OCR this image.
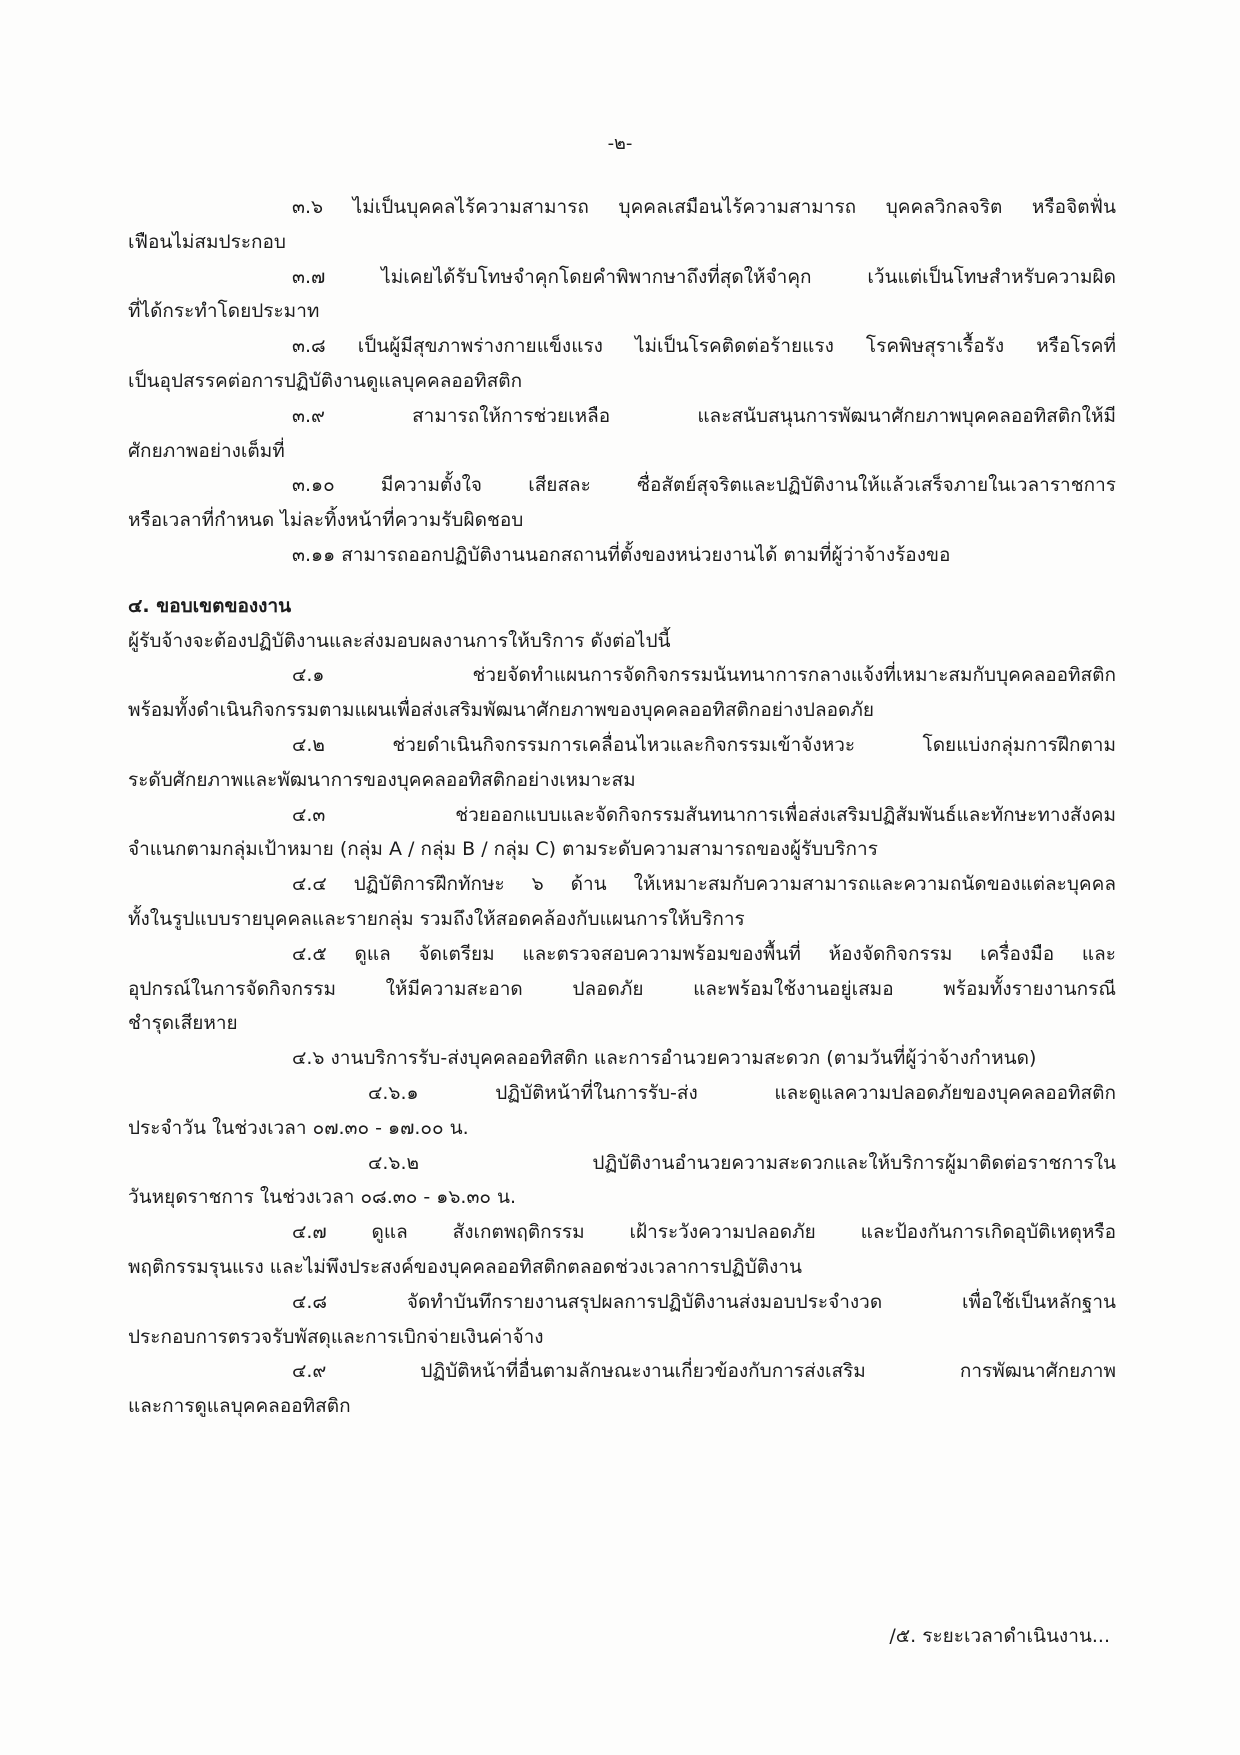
-๒-
๓.๖ ไม่เป็นบุคคลไร้ความสามารถ บุคคลเสมือนไร้ความสามารถ บุคคลวิกลจริต หรือจิตฟั่น
เฟือนไม่สมประกอบ
๓.๗ ไม่เคยได้รับโทษจำคุกโดยคำพิพากษาถึงที่สุดให้จำคุก เว้นแต่เป็นโทษสำหรับความผิด
ที่ได้กระทำโดยประมาท
๓.๘ เป็นผู้มีสุขภาพร่างกายแข็งแรง ไม่เป็นโรคติดต่อร้ายแรง โรคพิษสุราเรื้อรัง หรือโรคที่
เป็นอุปสรรคต่อการปฏิบัติงานดูแลบุคคลออทิสติก
๓.๙ สามารถให้การช่วยเหลือ และสนับสนุนการพัฒนาศักยภาพบุคคลออทิสติกให้มี
ศักยภาพอย่างเต็มที่
๓.๑๐ มีความตั้งใจ เสียสละ ซื่อสัตย์สุจริตและปฏิบัติงานให้แล้วเสร็จภายในเวลาราชการ
หรือเวลาที่กำหนด ไม่ละทิ้งหน้าที่ความรับผิดชอบ
๓.๑๑ สามารถออกปฏิบัติงานนอกสถานที่ตั้งของหน่วยงานได้ ตามที่ผู้ว่าจ้างร้องขอ
๔. ขอบเขตของงาน
ผู้รับจ้างจะต้องปฏิบัติงานและส่งมอบผลงานการให้บริการ ดังต่อไปนี้
๔.๑ ช่วยจัดทำแผนการจัดกิจกรรมนันทนาการกลางแจ้งที่เหมาะสมกับบุคคลออทิสติก
พร้อมทั้งดำเนินกิจกรรมตามแผนเพื่อส่งเสริมพัฒนาศักยภาพของบุคคลออทิสติกอย่างปลอดภัย
๔.๒ ช่วยดำเนินกิจกรรมการเคลื่อนไหวและกิจกรรมเข้าจังหวะ โดยแบ่งกลุ่มการฝึกตาม
ระดับศักยภาพและพัฒนาการของบุคคลออทิสติกอย่างเหมาะสม
๔.๓ ช่วยออกแบบและจัดกิจกรรมสันทนาการเพื่อส่งเสริมปฏิสัมพันธ์และทักษะทางสังคม
จำแนกตามกลุ่มเป้าหมาย (กลุ่ม A / กลุ่ม B / กลุ่ม C) ตามระดับความสามารถของผู้รับบริการ
๔.๔ ปฏิบัติการฝึกทักษะ ๖ ด้าน ให้เหมาะสมกับความสามารถและความถนัดของแต่ละบุคคล
ทั้งในรูปแบบรายบุคคลและรายกลุ่ม รวมถึงให้สอดคล้องกับแผนการให้บริการ
๔.๕ ดูแล จัดเตรียม และตรวจสอบความพร้อมของพื้นที่ ห้องจัดกิจกรรม เครื่องมือ และ
อุปกรณ์ในการจัดกิจกรรม ให้มีความสะอาด ปลอดภัย และพร้อมใช้งานอยู่เสมอ พร้อมทั้งรายงานกรณี
ชำรุดเสียหาย
๔.๖ งานบริการรับ-ส่งบุคคลออทิสติก และการอำนวยความสะดวก (ตามวันที่ผู้ว่าจ้างกำหนด)
๔.๖.๑ ปฏิบัติหน้าที่ในการรับ-ส่ง และดูแลความปลอดภัยของบุคคลออทิสติก
ประจำวัน ในช่วงเวลา ๐๗.๓๐ - ๑๗.๐๐ น.
๔.๖.๒ ปฏิบัติงานอำนวยความสะดวกและให้บริการผู้มาติดต่อราชการใน
วันหยุดราชการ ในช่วงเวลา ๐๘.๓๐ - ๑๖.๓๐ น.
๔.๗ ดูแล สังเกตพฤติกรรม เฝ้าระวังความปลอดภัย และป้องกันการเกิดอุบัติเหตุหรือ
พฤติกรรมรุนแรง และไม่พึงประสงค์ของบุคคลออทิสติกตลอดช่วงเวลาการปฏิบัติงาน
๔.๘ จัดทำบันทึกรายงานสรุปผลการปฏิบัติงานส่งมอบประจำงวด เพื่อใช้เป็นหลักฐาน
ประกอบการตรวจรับพัสดุและการเบิกจ่ายเงินค่าจ้าง
๔.๙ ปฏิบัติหน้าที่อื่นตามลักษณะงานเกี่ยวข้องกับการส่งเสริม การพัฒนาศักยภาพ
และการดูแลบุคคลออทิสติก
/๕. ระยะเวลาดำเนินงาน...
